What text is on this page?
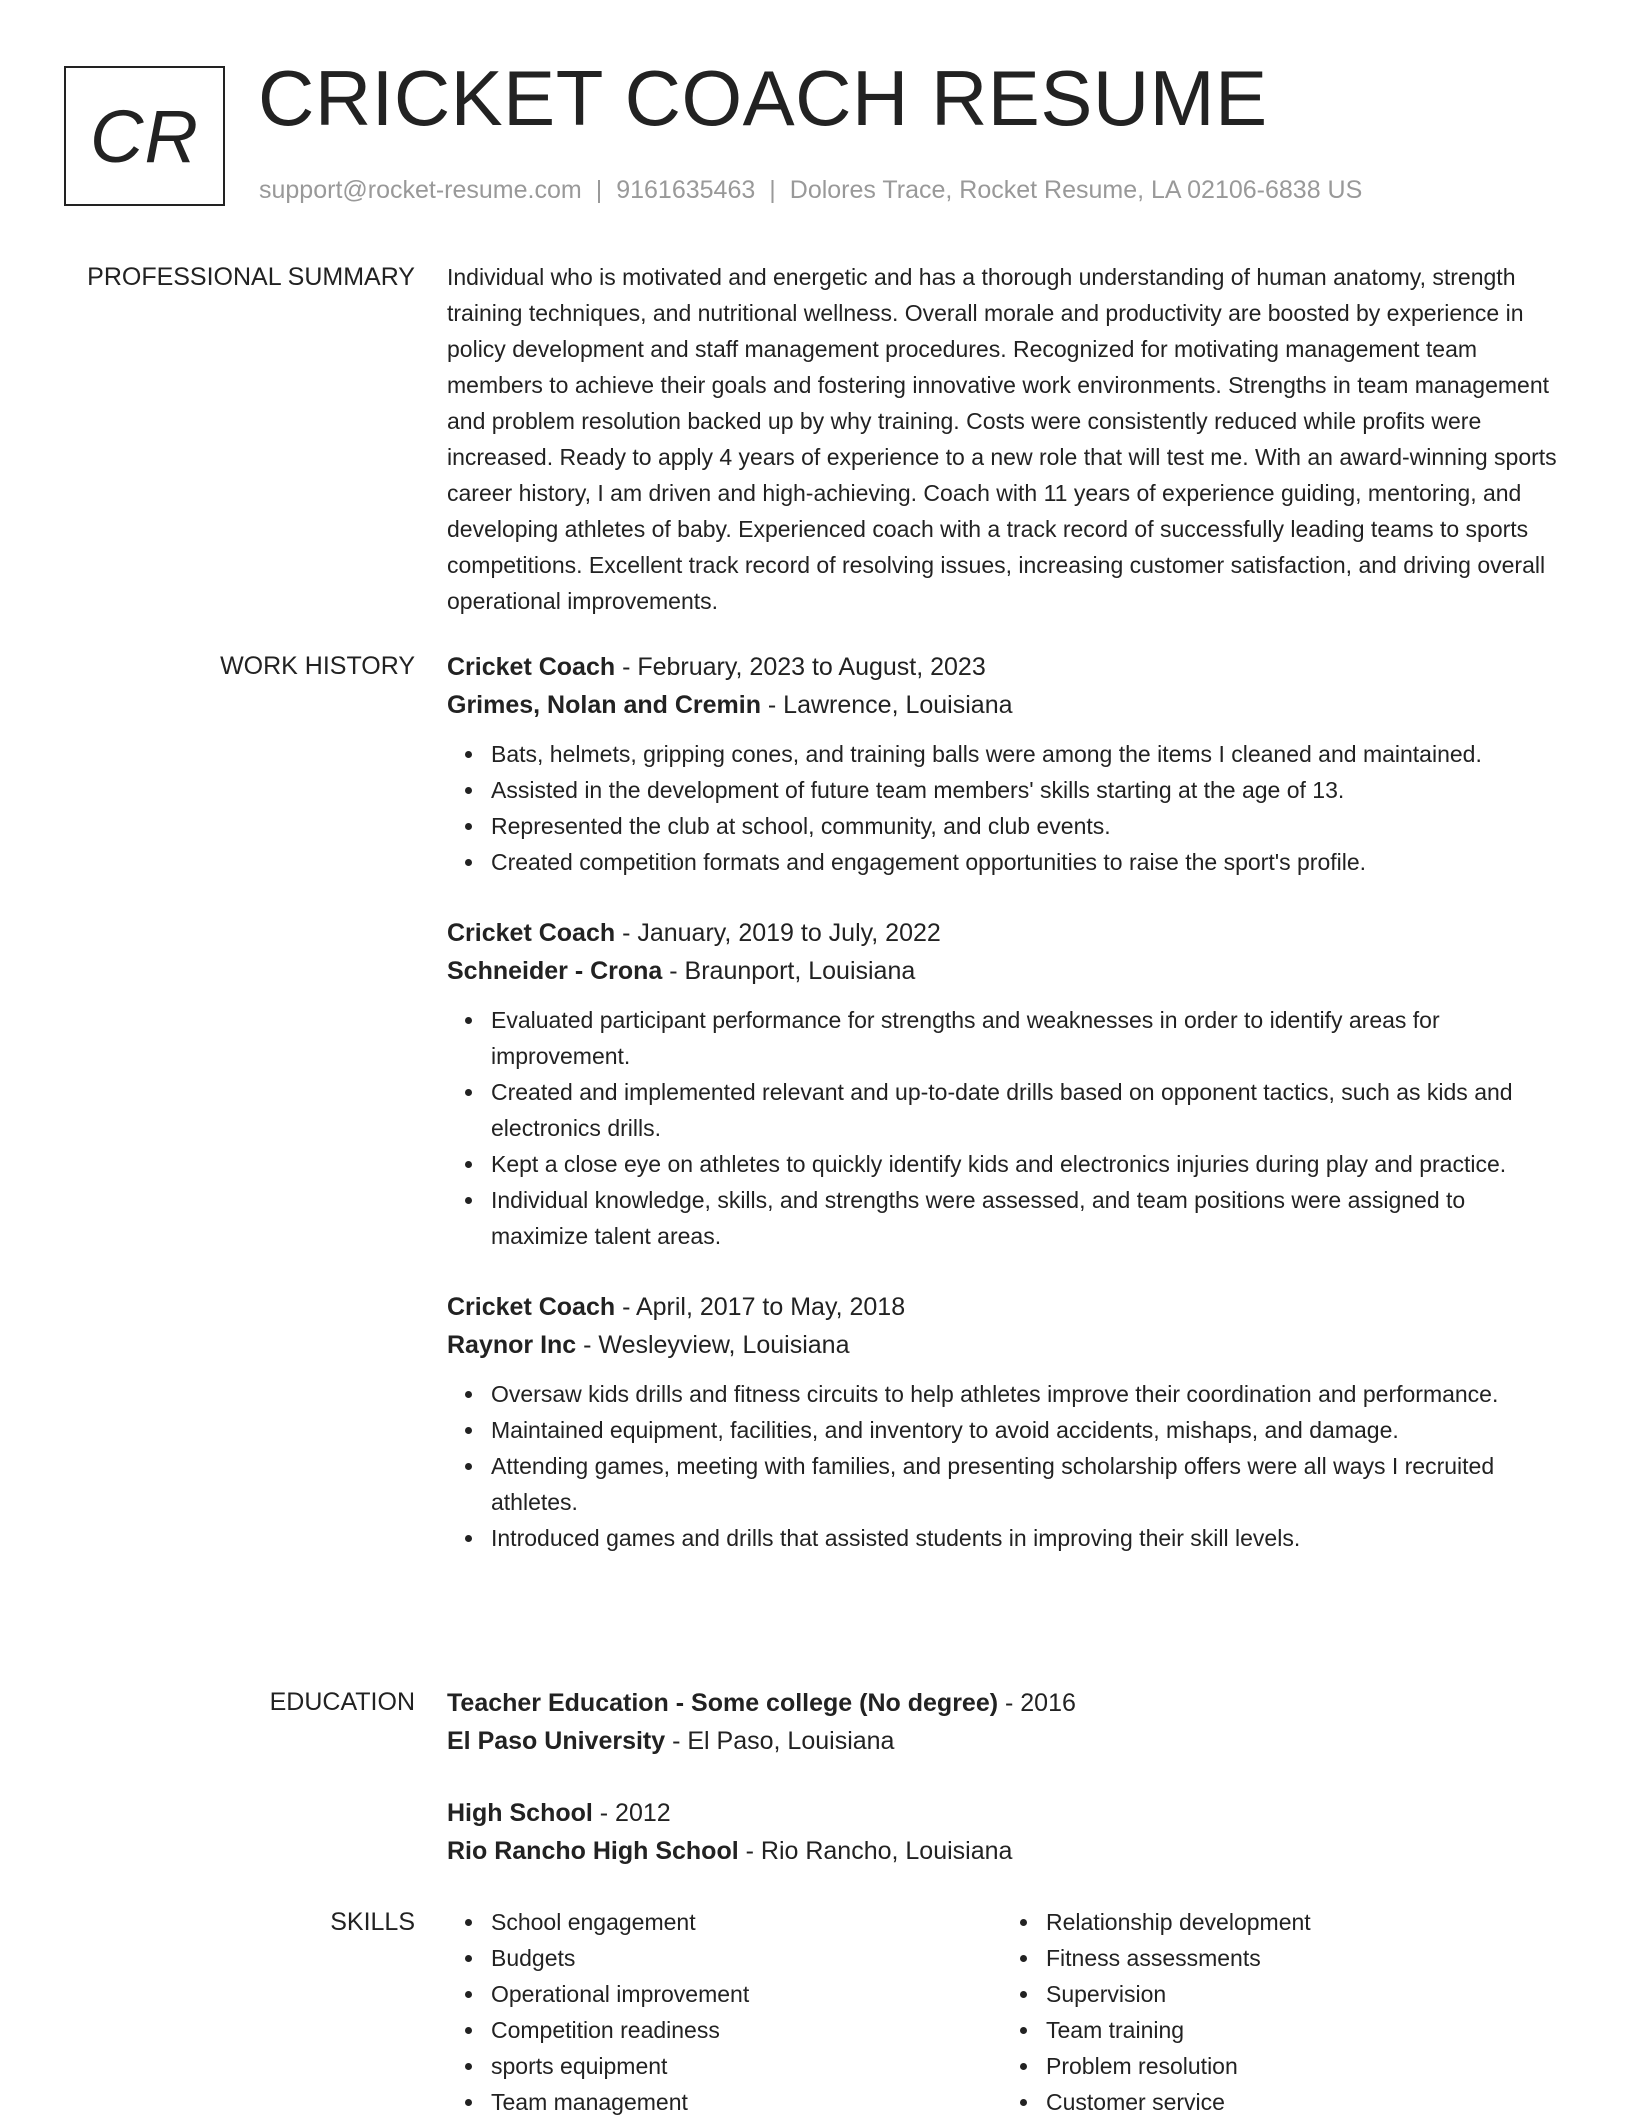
CR CRICKET COACH RESUME
support@rocket-resume.com | 9161635463 | Dolores Trace, Rocket Resume, LA 02106-6838 US
PROFESSIONAL SUMMARY Individual who is motivated and energetic and has a thorough understanding of human anatomy, strength training techniques, and nutritional wellness. Overall morale and productivity are boosted by experience in policy development and staff management procedures. Recognized for motivating management team members to achieve their goals and fostering innovative work environments. Strengths in team management and problem resolution backed up by why training. Costs were consistently reduced while profits were increased. Ready to apply 4 years of experience to a new role that will test me. With an award-winning sports career history, I am driven and high-achieving. Coach with 11 years of experience guiding, mentoring, and developing athletes of baby. Experienced coach with a track record of successfully leading teams to sports competitions. Excellent track record of resolving issues, increasing customer satisfaction, and driving overall operational improvements.
WORK HISTORY Cricket Coach - February, 2023 to August, 2023
Grimes, Nolan and Cremin - Lawrence, Louisiana
Bats, helmets, gripping cones, and training balls were among the items I cleaned and maintained.
Assisted in the development of future team members' skills starting at the age of 13.
Represented the club at school, community, and club events.
Created competition formats and engagement opportunities to raise the sport's profile.
Cricket Coach - January, 2019 to July, 2022
Schneider - Crona - Braunport, Louisiana
Evaluated participant performance for strengths and weaknesses in order to identify areas for improvement.
Created and implemented relevant and up-to-date drills based on opponent tactics, such as kids and electronics drills.
Kept a close eye on athletes to quickly identify kids and electronics injuries during play and practice.
Individual knowledge, skills, and strengths were assessed, and team positions were assigned to maximize talent areas.
Cricket Coach - April, 2017 to May, 2018
Raynor Inc - Wesleyview, Louisiana
Oversaw kids drills and fitness circuits to help athletes improve their coordination and performance.
Maintained equipment, facilities, and inventory to avoid accidents, mishaps, and damage.
Attending games, meeting with families, and presenting scholarship offers were all ways I recruited athletes.
Introduced games and drills that assisted students in improving their skill levels.
EDUCATION Teacher Education - Some college (No degree) - 2016
El Paso University - El Paso, Louisiana
High School - 2012
Rio Rancho High School - Rio Rancho, Louisiana
SKILLS	School engagement
Budgets
Operational improvement
Competition readiness
sports equipment
Team management
Relationship development
Fitness assessments
Supervision
Team training
Problem resolution
Customer service
